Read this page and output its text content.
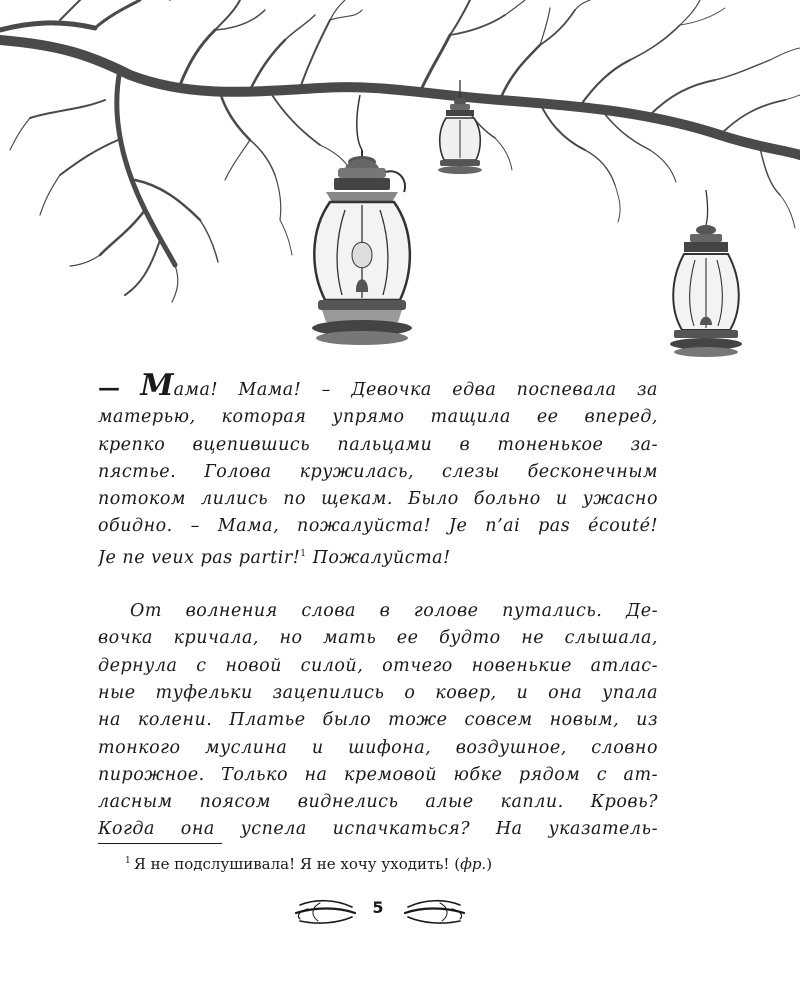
— Мама! Мама! – Девочка едва поспевала за
матерью, которая упрямо тащила ее вперед,
крепко вцепившись пальцами в тоненькое за-
пястье. Голова кружилась, слезы бесконечным
потоком лились по щекам. Было больно и ужасно
обидно. – Мама, пожалуйста! Je n’ai pas écouté!
Je ne veux pas partir!$^1$ Пожалуйста!
От волнения слова в голове путались. Де-
вочка кричала, но мать ее будто не слышала,
дернула с новой силой, отчего новенькие атлас-
ные туфельки зацепились о ковер, и она упала
на колени. Платье было тоже совсем новым, из
тонкого муслина и шифона, воздушное, словно
пирожное. Только на кремовой юбке рядом с ат-
ласным поясом виднелись алые капли. Кровь?
Когда она успела испачкаться? На указатель-
$^1$ Я не подслушивала! Я не хочу уходить! (фр.)
5
